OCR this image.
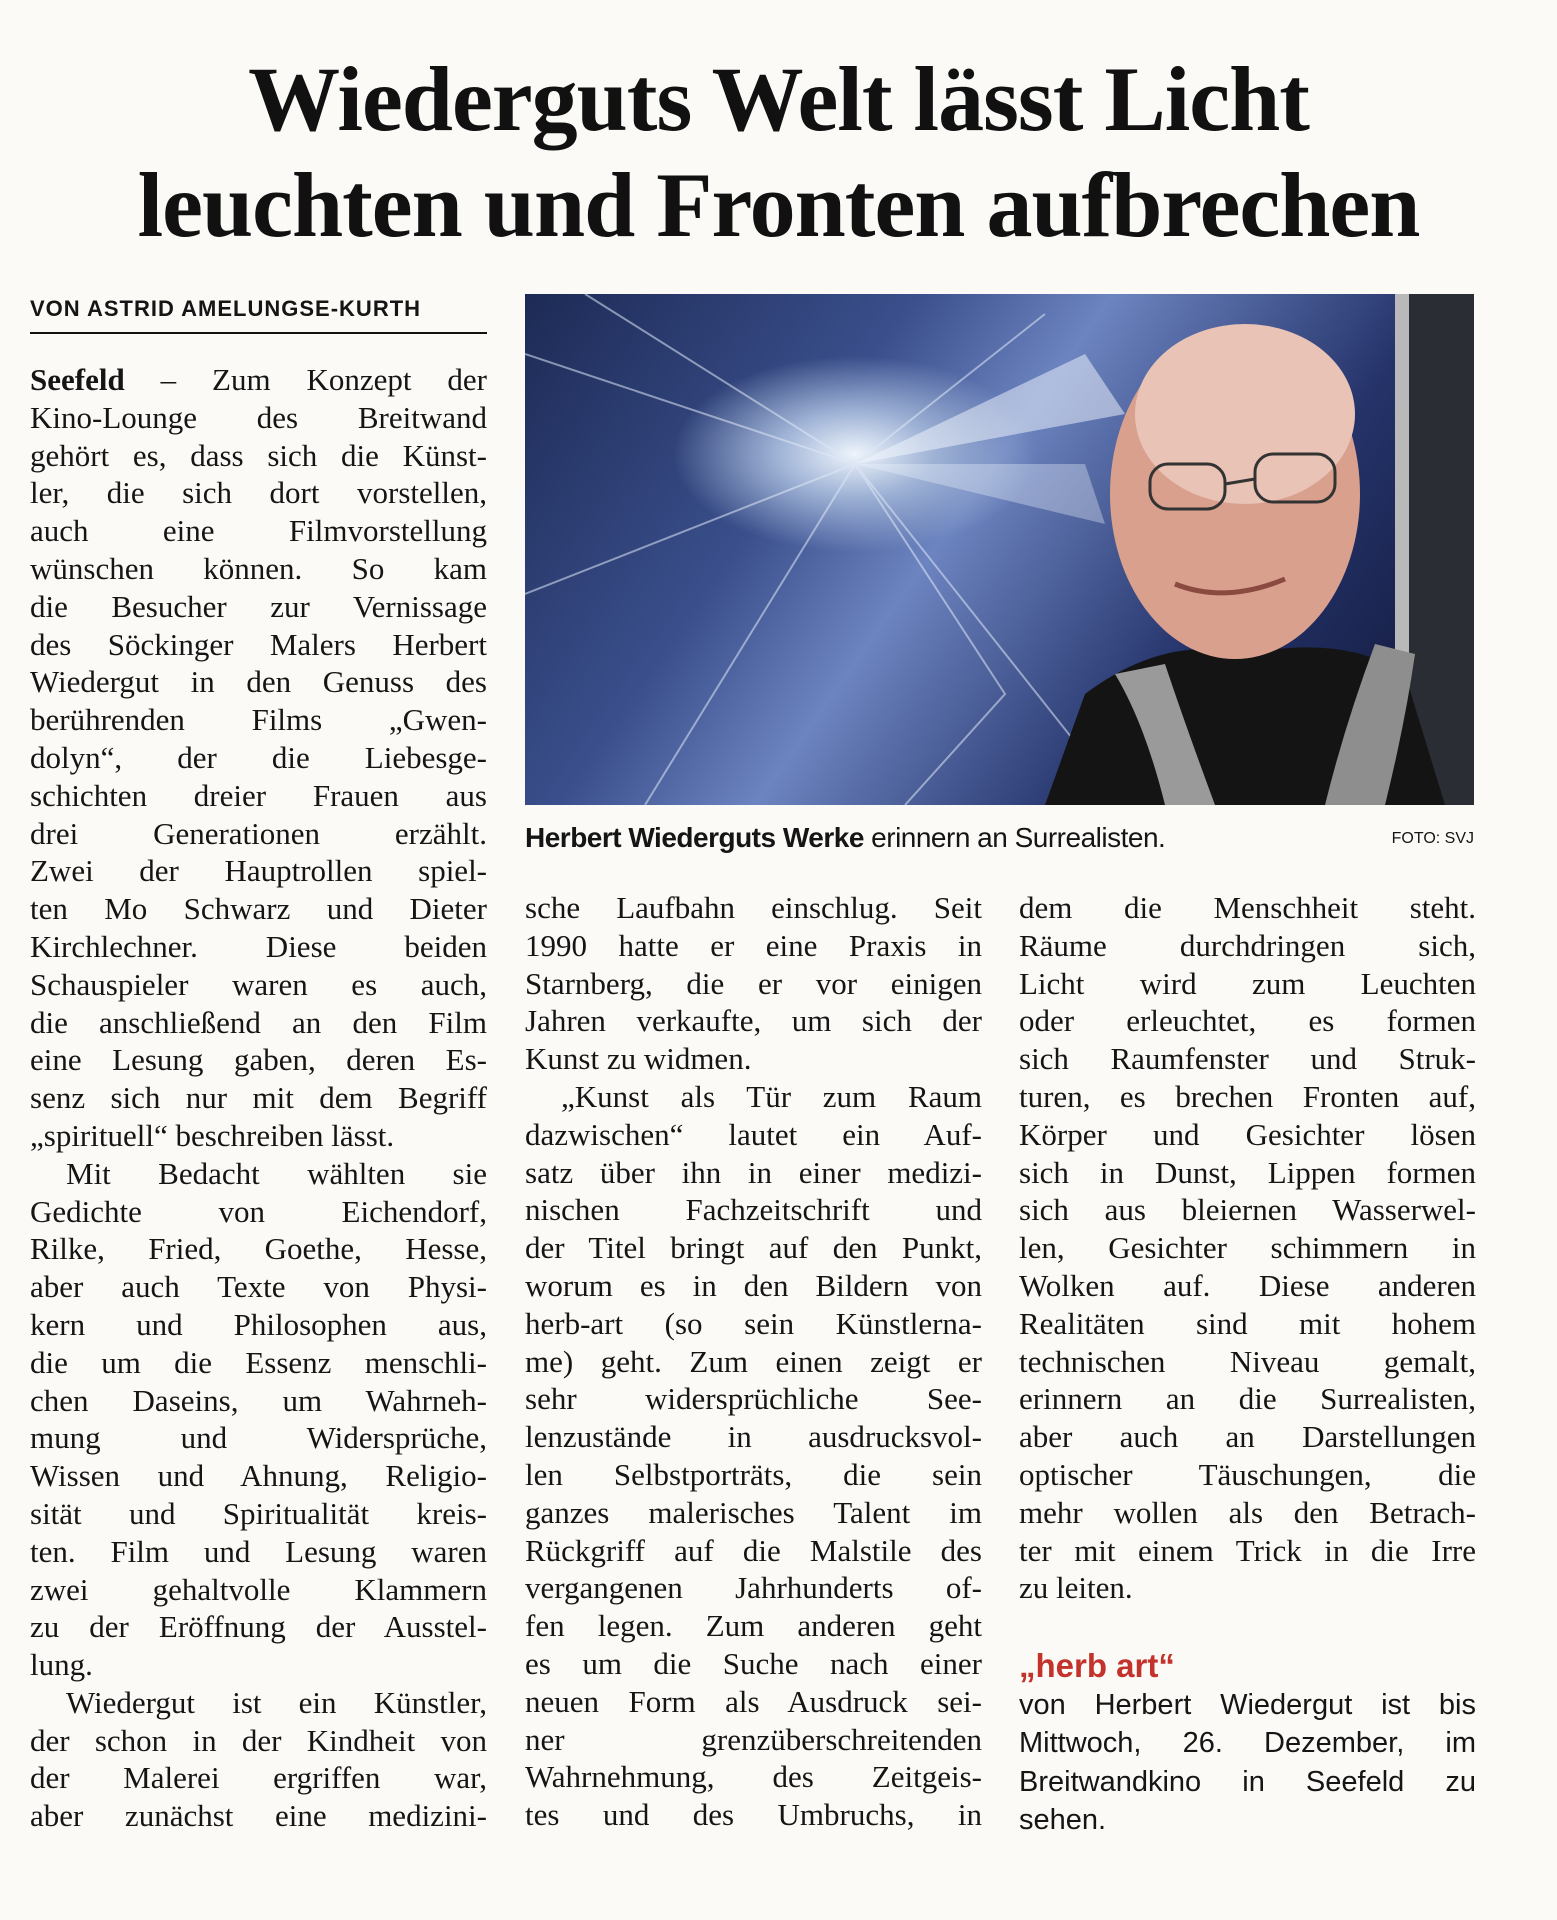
Wiederguts Welt lässt Licht
leuchten und Fronten aufbrechen
VON ASTRID AMELUNGSE-KURTH
Herbert Wiederguts Werke erinnern an Surrealisten.	FOTO: SVJ
Seefeld – Zum Konzept der
Kino-Lounge des Breitwand
gehört es, dass sich die Künst-
ler, die sich dort vorstellen,
auch eine Filmvorstellung
wünschen können. So kam
die Besucher zur Vernissage
des Söckinger Malers Herbert
Wiedergut in den Genuss des
berührenden Films „Gwen-
dolyn“, der die Liebesge-
schichten dreier Frauen aus
drei Generationen erzählt.
Zwei der Hauptrollen spiel-
ten Mo Schwarz und Dieter
Kirchlechner. Diese beiden
Schauspieler waren es auch,
die anschließend an den Film
eine Lesung gaben, deren Es-
senz sich nur mit dem Begriff
„spirituell“ beschreiben lässt.
Mit Bedacht wählten sie
Gedichte von Eichendorf,
Rilke, Fried, Goethe, Hesse,
aber auch Texte von Physi-
kern und Philosophen aus,
die um die Essenz menschli-
chen Daseins, um Wahrneh-
mung und Widersprüche,
Wissen und Ahnung, Religio-
sität und Spiritualität kreis-
ten. Film und Lesung waren
zwei gehaltvolle Klammern
zu der Eröffnung der Ausstel-
lung.
Wiedergut ist ein Künstler,
der schon in der Kindheit von
der Malerei ergriffen war,
aber zunächst eine medizini-
sche Laufbahn einschlug. Seit
1990 hatte er eine Praxis in
Starnberg, die er vor einigen
Jahren verkaufte, um sich der
Kunst zu widmen.
„Kunst als Tür zum Raum
dazwischen“ lautet ein Auf-
satz über ihn in einer medizi-
nischen Fachzeitschrift und
der Titel bringt auf den Punkt,
worum es in den Bildern von
herb-art (so sein Künstlerna-
me) geht. Zum einen zeigt er
sehr widersprüchliche See-
lenzustände in ausdrucksvol-
len Selbstporträts, die sein
ganzes malerisches Talent im
Rückgriff auf die Malstile des
vergangenen Jahrhunderts of-
fen legen. Zum anderen geht
es um die Suche nach einer
neuen Form als Ausdruck sei-
ner grenzüberschreitenden
Wahrnehmung, des Zeitgeis-
tes und des Umbruchs, in
dem die Menschheit steht.
Räume durchdringen sich,
Licht wird zum Leuchten
oder erleuchtet, es formen
sich Raumfenster und Struk-
turen, es brechen Fronten auf,
Körper und Gesichter lösen
sich in Dunst, Lippen formen
sich aus bleiernen Wasserwel-
len, Gesichter schimmern in
Wolken auf. Diese anderen
Realitäten sind mit hohem
technischen Niveau gemalt,
erinnern an die Surrealisten,
aber auch an Darstellungen
optischer Täuschungen, die
mehr wollen als den Betrach-
ter mit einem Trick in die Irre
zu leiten.
„herb art“
von Herbert Wiedergut ist bis
Mittwoch, 26. Dezember, im
Breitwandkino in Seefeld zu
sehen.
